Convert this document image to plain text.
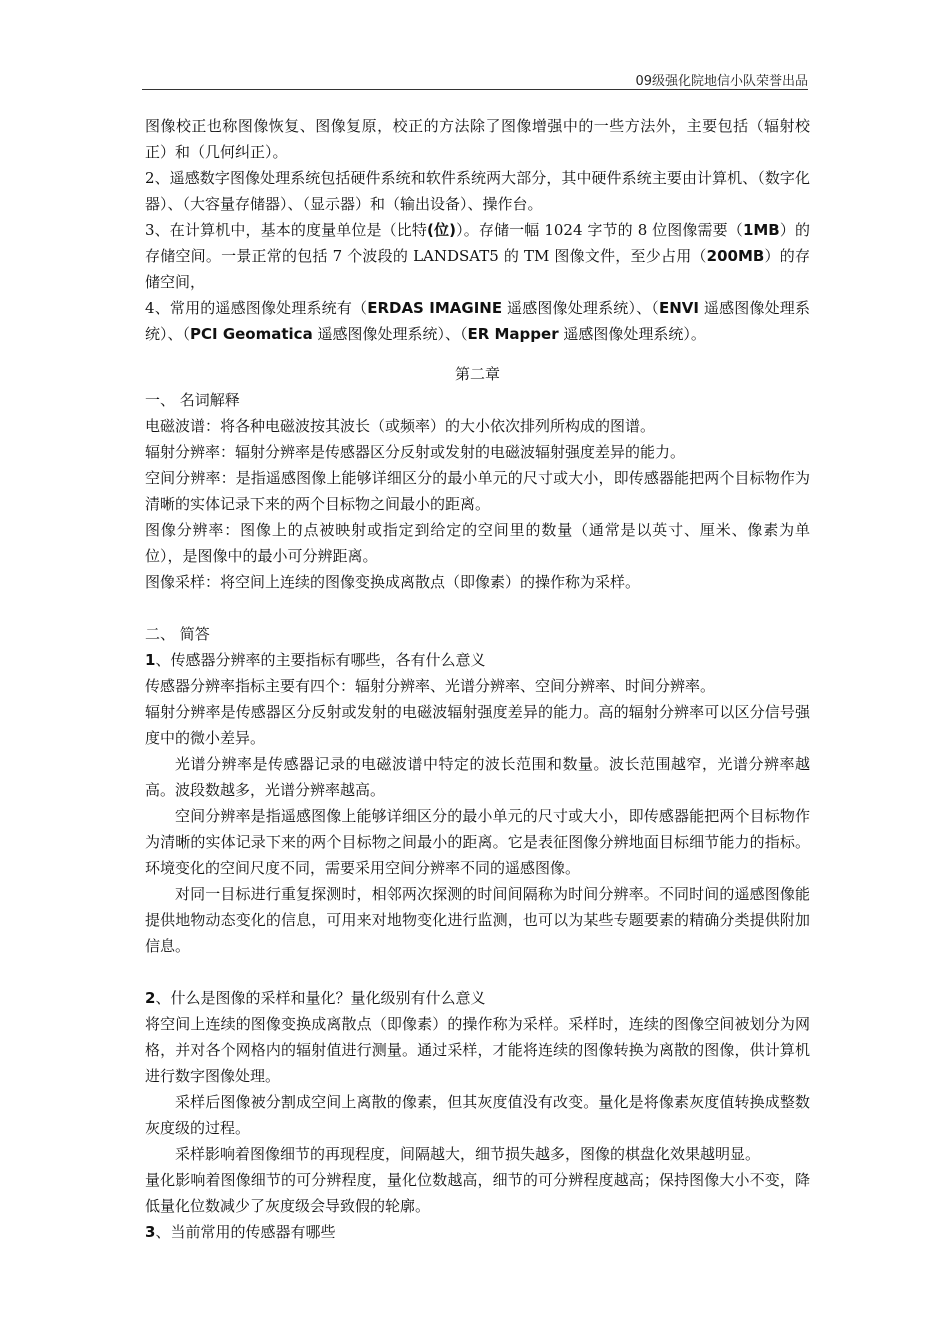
09级强化院地信小队荣誉出品

图像校正也称图像恢复、图像复原，校正的方法除了图像增强中的一些方法外，主要包括（辐射校正）和（几何纠正）。

2、遥感数字图像处理系统包括硬件系统和软件系统两大部分，其中硬件系统主要由计算机、（数字化器）、（大容量存储器）、（显示器）和（输出设备）、操作台。

3、在计算机中，基本的度量单位是（比特(位)）。存储一幅 1024 字节的 8 位图像需要（1MB）的存储空间。一景正常的包括 7 个波段的 LANDSAT5 的 TM 图像文件，至少占用（200MB）的存储空间，

4、常用的遥感图像处理系统有（ERDAS IMAGINE 遥感图像处理系统）、（ENVI 遥感图像处理系统）、（PCI Geomatica 遥感图像处理系统）、（ER Mapper 遥感图像处理系统）。

第二章

一、 名词解释

电磁波谱：将各种电磁波按其波长（或频率）的大小依次排列所构成的图谱。

辐射分辨率：辐射分辨率是传感器区分反射或发射的电磁波辐射强度差异的能力。

空间分辨率：是指遥感图像上能够详细区分的最小单元的尺寸或大小，即传感器能把两个目标物作为清晰的实体记录下来的两个目标物之间最小的距离。

图像分辨率：图像上的点被映射或指定到给定的空间里的数量（通常是以英寸、厘米、像素为单位），是图像中的最小可分辨距离。

图像采样：将空间上连续的图像变换成离散点（即像素）的操作称为采样。

二、 简答

1、传感器分辨率的主要指标有哪些，各有什么意义

传感器分辨率指标主要有四个：辐射分辨率、光谱分辨率、空间分辨率、时间分辨率。

辐射分辨率是传感器区分反射或发射的电磁波辐射强度差异的能力。高的辐射分辨率可以区分信号强度中的微小差异。

光谱分辨率是传感器记录的电磁波谱中特定的波长范围和数量。波长范围越窄，光谱分辨率越高。波段数越多，光谱分辨率越高。

空间分辨率是指遥感图像上能够详细区分的最小单元的尺寸或大小，即传感器能把两个目标物作为清晰的实体记录下来的两个目标物之间最小的距离。它是表征图像分辨地面目标细节能力的指标。环境变化的空间尺度不同，需要采用空间分辨率不同的遥感图像。

对同一目标进行重复探测时，相邻两次探测的时间间隔称为时间分辨率。不同时间的遥感图像能提供地物动态变化的信息，可用来对地物变化进行监测，也可以为某些专题要素的精确分类提供附加信息。

2、什么是图像的采样和量化？量化级别有什么意义

将空间上连续的图像变换成离散点（即像素）的操作称为采样。采样时，连续的图像空间被划分为网格，并对各个网格内的辐射值进行测量。通过采样，才能将连续的图像转换为离散的图像，供计算机进行数字图像处理。

采样后图像被分割成空间上离散的像素，但其灰度值没有改变。量化是将像素灰度值转换成整数灰度级的过程。

采样影响着图像细节的再现程度，间隔越大，细节损失越多，图像的棋盘化效果越明显。

量化影响着图像细节的可分辨程度，量化位数越高，细节的可分辨程度越高；保持图像大小不变，降低量化位数减少了灰度级会导致假的轮廓。

3、当前常用的传感器有哪些
